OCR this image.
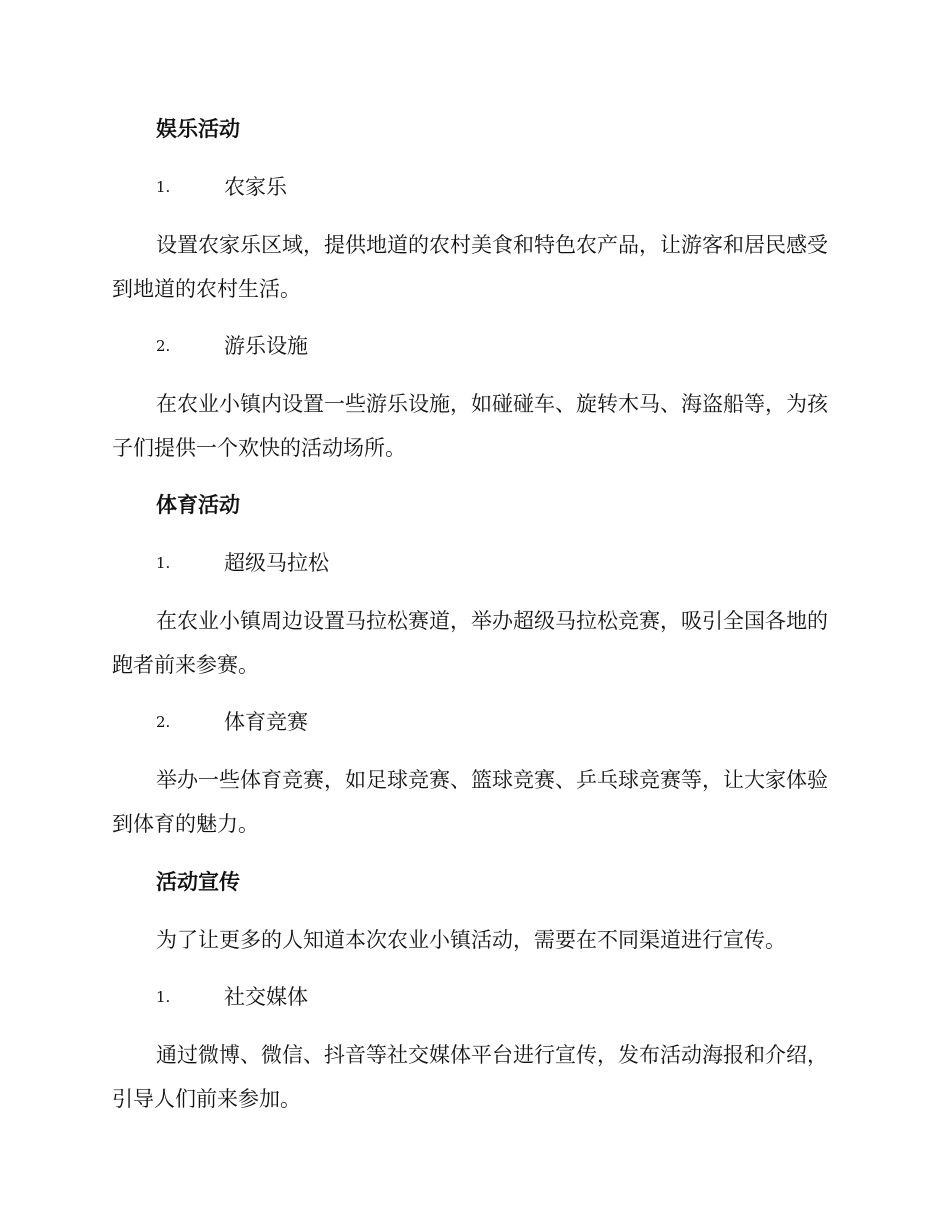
娱乐活动
1.	农家乐

设置农家乐区域，提供地道的农村美食和特色农产品，让游客和居民感受到地道的农村生活。

2.	游乐设施

在农业小镇内设置一些游乐设施，如碰碰车、旋转木马、海盗船等，为孩子们提供一个欢快的活动场所。

体育活动
1.	超级马拉松

在农业小镇周边设置马拉松赛道，举办超级马拉松竞赛，吸引全国各地的跑者前来参赛。

2.	体育竞赛

举办一些体育竞赛，如足球竞赛、篮球竞赛、乒乓球竞赛等，让大家体验到体育的魅力。

活动宣传

为了让更多的人知道本次农业小镇活动，需要在不同渠道进行宣传。

1.	社交媒体

通过微博、微信、抖音等社交媒体平台进行宣传，发布活动海报和介绍，引导人们前来参加。
